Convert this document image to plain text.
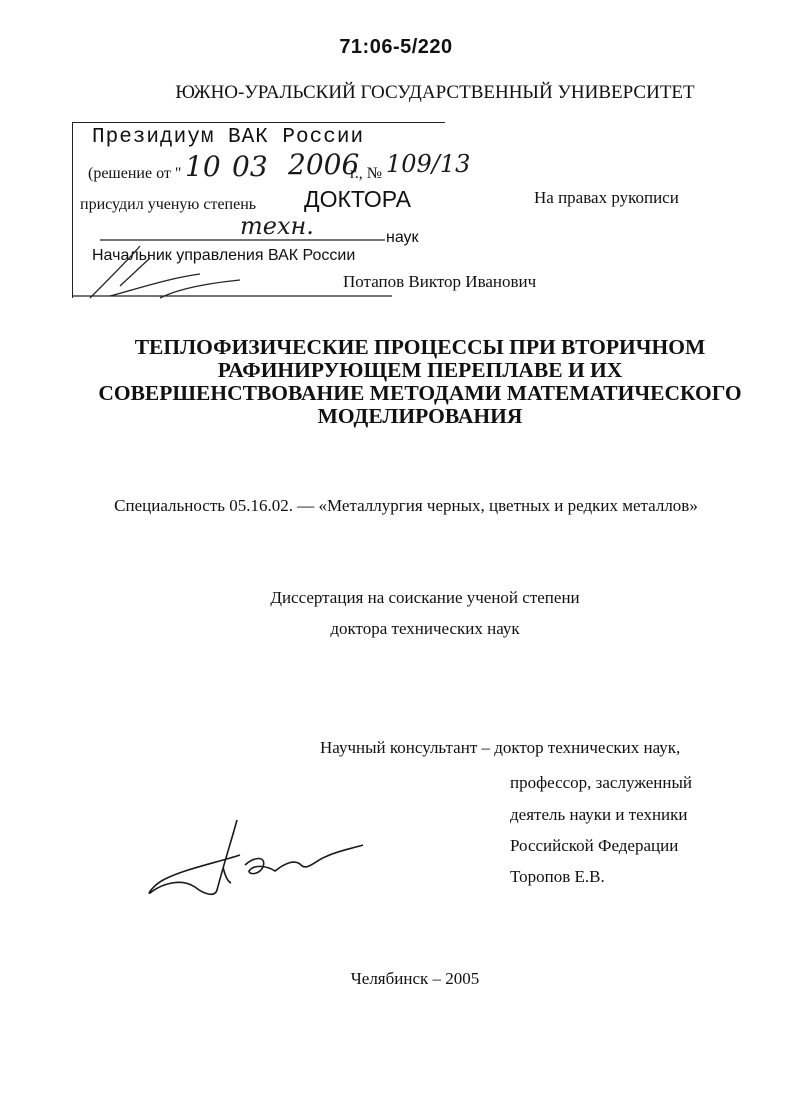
71:06-5/220
ЮЖНО-УРАЛЬСКИЙ ГОСУДАРСТВЕННЫЙ УНИВЕРСИТЕТ
Президиум ВАК России
(решение от " 10 03 2006
г., № 109/13
присудил ученую степень ДОКТОРА
техн.	наук
Начальник управления ВАК России
На правах рукописи
Потапов Виктор Иванович
ТЕПЛОФИЗИЧЕСКИЕ ПРОЦЕССЫ ПРИ ВТОРИЧНОМ
РАФИНИРУЮЩЕМ ПЕРЕПЛАВЕ И ИХ
СОВЕРШЕНСТВОВАНИЕ МЕТОДАМИ МАТЕМАТИЧЕСКОГО
МОДЕЛИРОВАНИЯ
Специальность 05.16.02. — «Металлургия черных, цветных и редких металлов»
Диссертация на соискание ученой степени
доктора технических наук
Научный консультант – доктор технических наук,
профессор, заслуженный
деятель науки и техники
Российской Федерации
Торопов Е.В.
Челябинск – 2005
